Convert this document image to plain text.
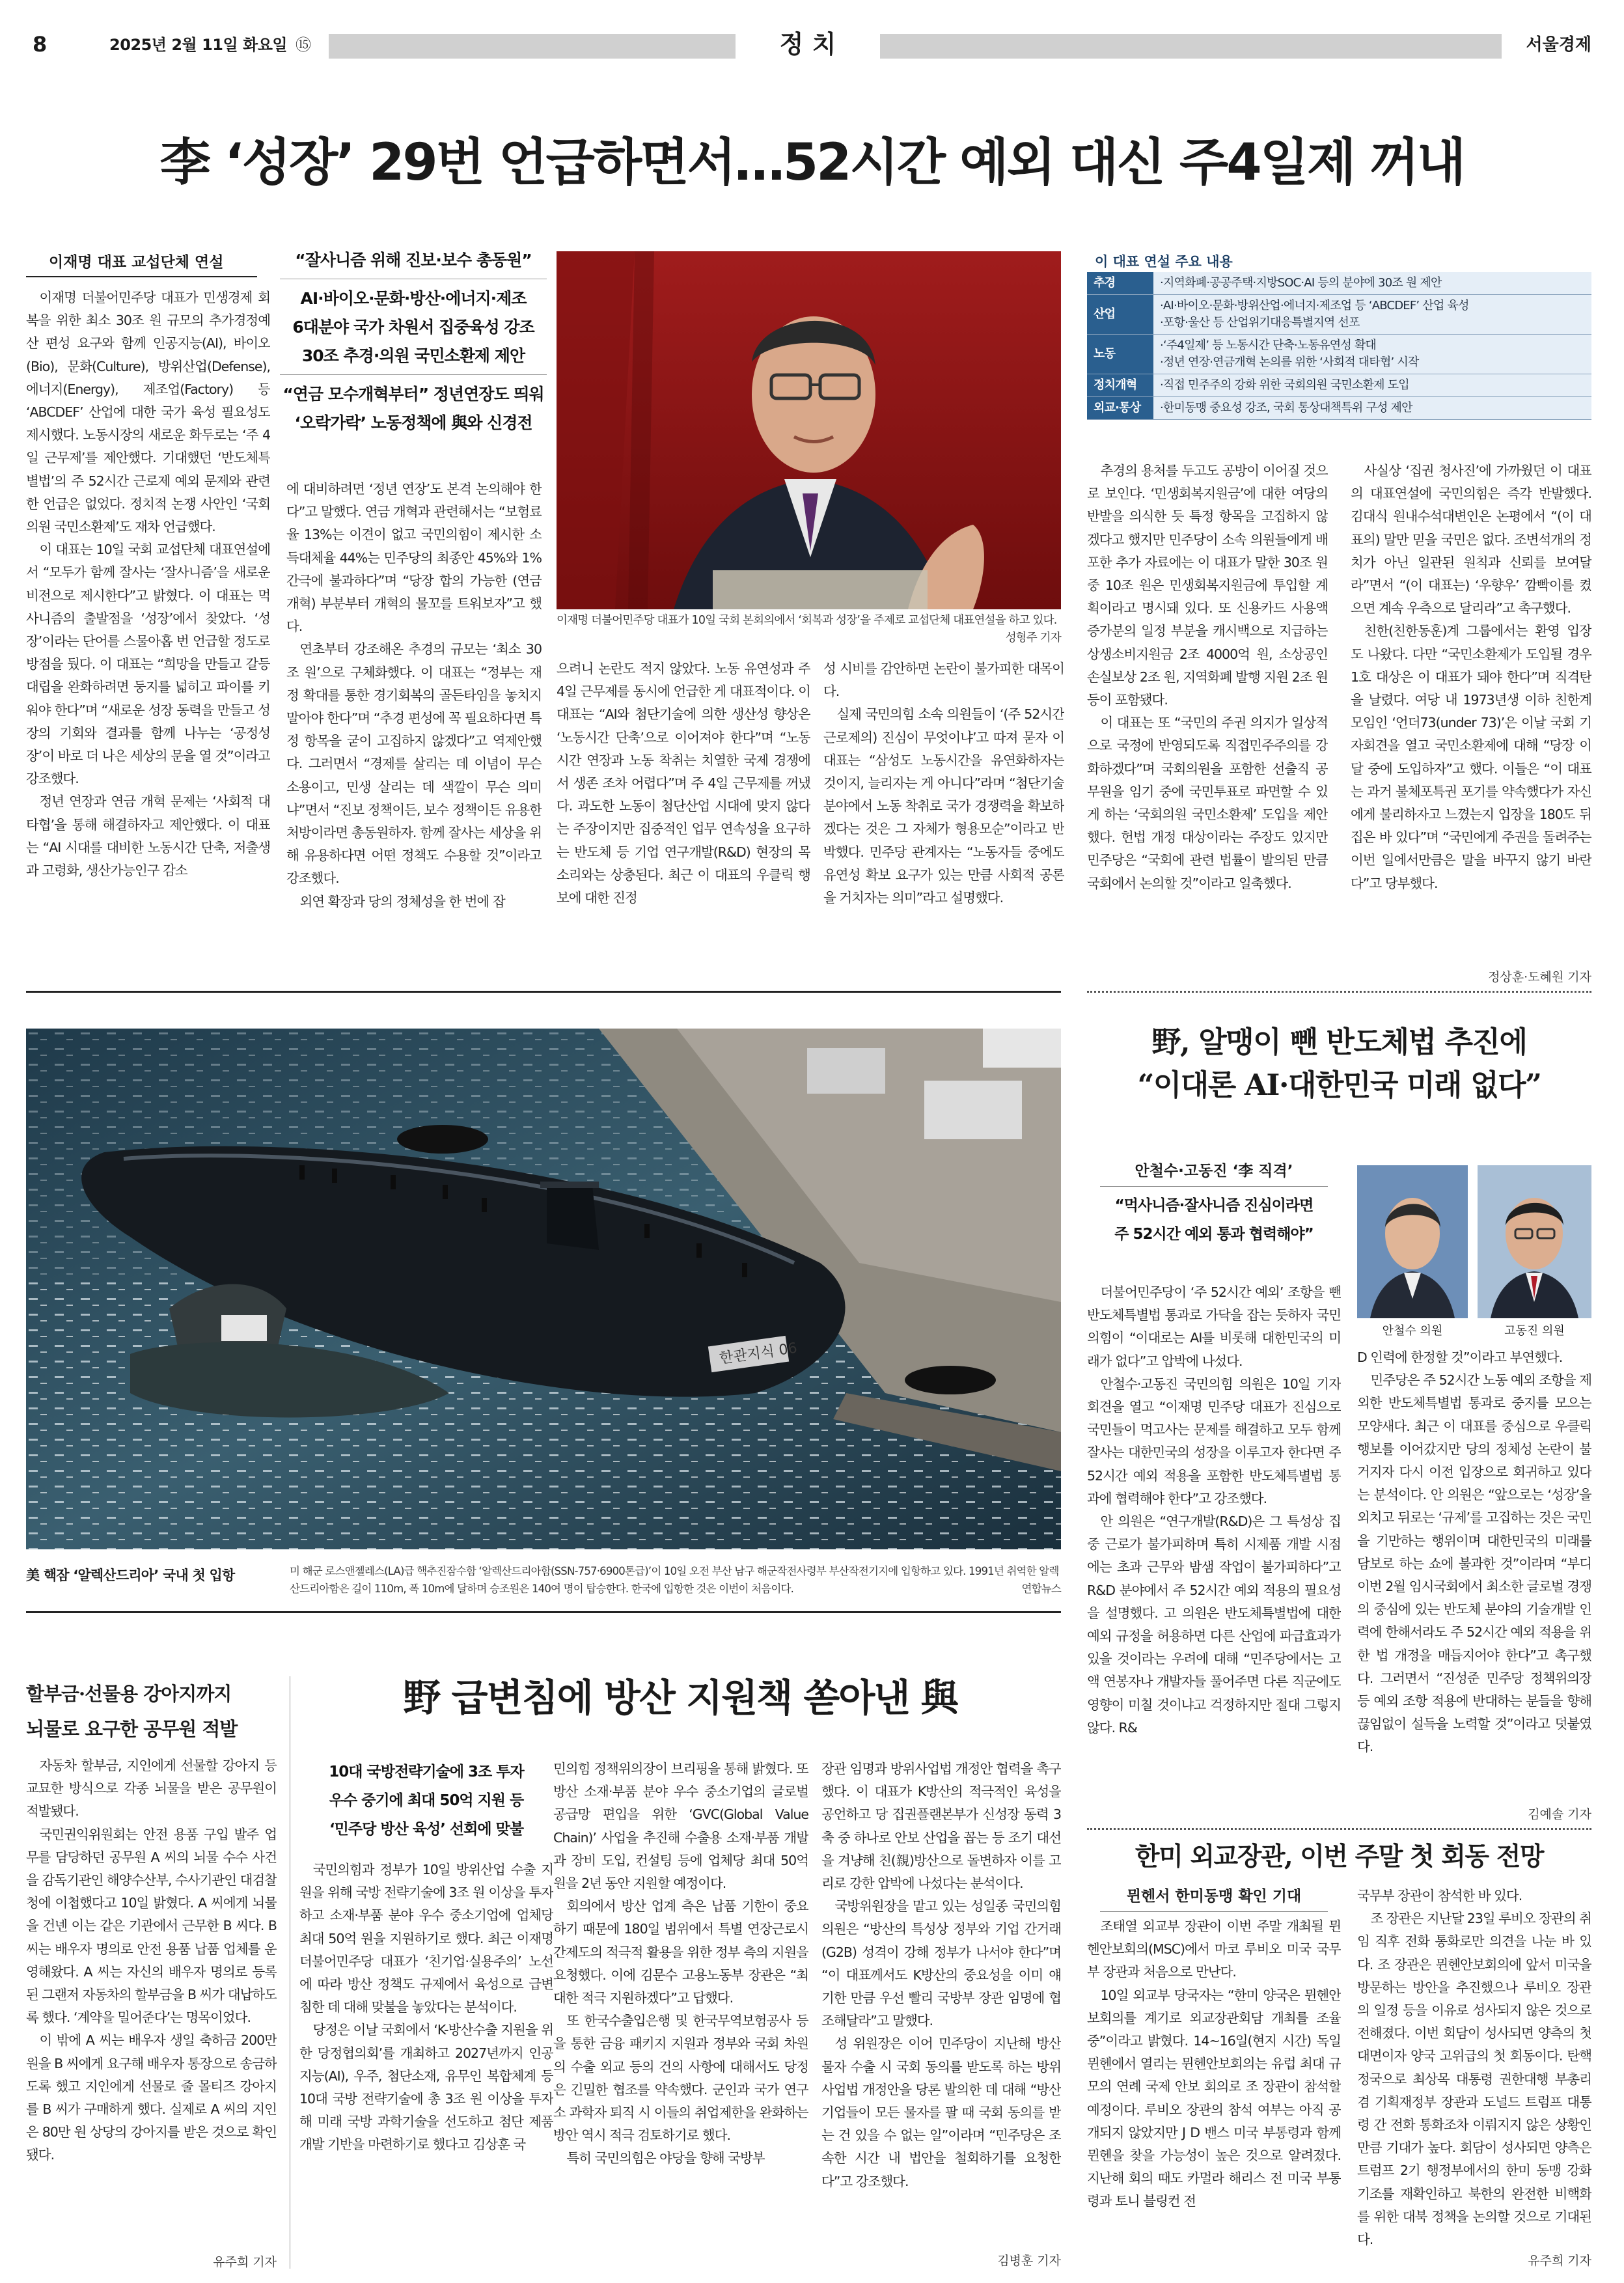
8	2025년 2월 11일 화요일 ⑮	정 치	서울경제
李 ‘성장’ 29번 언급하면서…52시간 예외 대신 주4일제 꺼내
이재명 대표 교섭단체 연설

이재명 더불어민주당 대표가 민생경제 회복을 위한 최소 30조 원 규모의 추가경정예산 편성 요구와 함께 인공지능(AI), 바이오(Bio), 문화(Culture), 방위산업(Defense), 에너지(Energy), 제조업(Factory) 등 ‘ABCDEF’ 산업에 대한 국가 육성 필요성도 제시했다. 노동시장의 새로운 화두로는 ‘주 4일 근무제’를 제안했다. 기대했던 ‘반도체특별법’의 주 52시간 근로제 예외 문제와 관련한 언급은 없었다. 정치적 논쟁 사안인 ‘국회의원 국민소환제’도 재차 언급했다.

이 대표는 10일 국회 교섭단체 대표연설에서 “모두가 함께 잘사는 ‘잘사니즘’을 새로운 비전으로 제시한다”고 밝혔다. 이 대표는 먹사니즘의 출발점을 ‘성장’에서 찾았다. ‘성장’이라는 단어를 스물아홉 번 언급할 정도로 방점을 뒀다. 이 대표는 “희망을 만들고 갈등 대립을 완화하려면 둥지를 넓히고 파이를 키워야 한다”며 “새로운 성장 동력을 만들고 성장의 기회와 결과를 함께 나누는 ‘공정성장’이 바로 더 나은 세상의 문을 열 것”이라고 강조했다.

정년 연장과 연금 개혁 문제는 ‘사회적 대타협’을 통해 해결하자고 제안했다. 이 대표는 “AI 시대를 대비한 노동시간 단축, 저출생과 고령화, 생산가능인구 감소

“잘사니즘 위해 진보·보수 총동원”
AI·바이오·문화·방산·에너지·제조
6대분야 국가 차원서 집중육성 강조
30조 추경·의원 국민소환제 제안
“연금 모수개혁부터” 정년연장도 띄워
‘오락가락’ 노동정책에 與와 신경전

에 대비하려면 ‘정년 연장’도 본격 논의해야 한다”고 말했다. 연금 개혁과 관련해서는 “보험료율 13%는 이견이 없고 국민의힘이 제시한 소득대체율 44%는 민주당의 최종안 45%와 1% 간극에 불과하다”며 “당장 합의 가능한 (연금 개혁) 부분부터 개혁의 물꼬를 트워보자”고 했다.

연초부터 강조해온 추경의 규모는 ‘최소 30조 원’으로 구체화했다. 이 대표는 “정부는 재정 확대를 통한 경기회복의 골든타임을 놓치지 말아야 한다”며 “추경 편성에 꼭 필요하다면 특정 항목을 굳이 고집하지 않겠다”고 역제안했다. 그러면서 “경제를 살리는 데 이념이 무슨 소용이고, 민생 살리는 데 색깔이 무슨 의미냐”면서 “진보 정책이든, 보수 정책이든 유용한 처방이라면 총동원하자. 함께 잘사는 세상을 위해 유용하다면 어떤 정책도 수용할 것”이라고 강조했다.

외연 확장과 당의 정체성을 한 번에 잡

이재명 더불어민주당 대표가 10일 국회 본회의에서 ‘회복과 성장’을 주제로 교섭단체 대표연설을 하고 있다.
성형주 기자

으려니 논란도 적지 않았다. 노동 유연성과 주 4일 근무제를 동시에 언급한 게 대표적이다. 이 대표는 “AI와 첨단기술에 의한 생산성 향상은 ‘노동시간 단축’으로 이어져야 한다”며 “노동시간 연장과 노동 착취는 치열한 국제 경쟁에서 생존 조차 어렵다”며 주 4일 근무제를 꺼냈다. 과도한 노동이 첨단산업 시대에 맞지 않다는 주장이지만 집중적인 업무 연속성을 요구하는 반도체 등 기업 연구개발(R&D) 현장의 목소리와는 상충된다. 최근 이 대표의 우클릭 행보에 대한 진정

성 시비를 감안하면 논란이 불가피한 대목이다.

실제 국민의힘 소속 의원들이 ‘(주 52시간 근로제의) 진심이 무엇이냐’고 따져 묻자 이 대표는 “삼성도 노동시간을 유연화하자는 것이지, 늘리자는 게 아니다”라며 “첨단기술 분야에서 노동 착취로 국가 경쟁력을 확보하겠다는 것은 그 자체가 형용모순”이라고 반박했다. 민주당 관계자는 “노동자들 중에도 유연성 확보 요구가 있는 만큼 사회적 공론을 거치자는 의미”라고 설명했다.

이 대표 연설 주요 내용
추경	·지역화폐·공공주택·지방SOC·AI 등의 분야에 30조 원 제안
산업	·AI·바이오·문화·방위산업·에너지·제조업 등 ‘ABCDEF’ 산업 육성
·포항·울산 등 산업위기대응특별지역 선포

노동	·‘주4일제’ 등 노동시간 단축·노동유연성 확대
·정년 연장·연금개혁 논의를 위한 ‘사회적 대타협’ 시작

정치개혁	·직접 민주주의 강화 위한 국회의원 국민소환제 도입
외교·통상	·한미동맹 중요성 강조, 국회 통상대책특위 구성 제안

추경의 용처를 두고도 공방이 이어질 것으로 보인다. ‘민생회복지원금’에 대한 여당의 반발을 의식한 듯 특정 항목을 고집하지 않겠다고 했지만 민주당이 소속 의원들에게 배포한 추가 자료에는 이 대표가 말한 30조 원 중 10조 원은 민생회복지원금에 투입할 계획이라고 명시돼 있다. 또 신용카드 사용액 증가분의 일정 부분을 캐시백으로 지급하는 상생소비지원금 2조 4000억 원, 소상공인 손실보상 2조 원, 지역화폐 발행 지원 2조 원 등이 포함됐다.

이 대표는 또 “국민의 주권 의지가 일상적으로 국정에 반영되도록 직접민주주의를 강화하겠다”며 국회의원을 포함한 선출직 공무원을 임기 중에 국민투표로 파면할 수 있게 하는 ‘국회의원 국민소환제’ 도입을 제안했다. 헌법 개정 대상이라는 주장도 있지만 민주당은 “국회에 관련 법률이 발의된 만큼 국회에서 논의할 것”이라고 일축했다.

사실상 ‘집권 청사진’에 가까웠던 이 대표의 대표연설에 국민의힘은 즉각 반발했다. 김대식 원내수석대변인은 논평에서 “(이 대표의) 말만 믿을 국민은 없다. 조변석개의 정치가 아닌 일관된 원칙과 신뢰를 보여달라”면서 “(이 대표는) ‘우향우’ 깜빡이를 켰으면 계속 우측으로 달리라”고 촉구했다.

친한(친한동훈)계 그룹에서는 환영 입장도 나왔다. 다만 “국민소환제가 도입될 경우 1호 대상은 이 대표가 돼야 한다”며 직격탄을 날렸다. 여당 내 1973년생 이하 친한계 모임인 ‘언더73(under 73)’은 이날 국회 기자회견을 열고 국민소환제에 대해 “당장 이달 중에 도입하자”고 했다. 이들은 “이 대표는 과거 불체포특권 포기를 약속했다가 자신에게 불리하자고 느꼈는지 입장을 180도 뒤집은 바 있다”며 “국민에게 주권을 돌려주는 이번 일에서만큼은 말을 바꾸지 않기 바란다”고 당부했다.

정상훈·도혜원 기자
한관지식 06
美 핵잠 ‘알렉산드리아’ 국내 첫 입항	미 해군 로스앤젤레스(LA)급 핵추진잠수함 ‘알렉산드리아함(SSN-757·6900톤급)’이 10일 오전 부산 남구 해군작전사령부 부산작전기지에 입항하고 있다. 1991년 취역한 알렉산드리아함은 길이 110m, 폭 10m에 달하며 승조원은 140여 명이 탑승한다. 한국에 입항한 것은 이번이 처음이다.	연합뉴스
野, 알맹이 뺀 반도체법 추진에
“이대론 AI·대한민국 미래 없다”
안철수·고동진 ‘李 직격’
“먹사니즘·잘사니즘 진심이라면
주 52시간 예외 통과 협력해야”
안철수 의원	고동진 의원

더불어민주당이 ‘주 52시간 예외’ 조항을 뺀 반도체특별법 통과로 가닥을 잡는 듯하자 국민의힘이 “이대로는 AI를 비롯해 대한민국의 미래가 없다”고 압박에 나섰다.

안철수·고동진 국민의힘 의원은 10일 기자회견을 열고 “이재명 민주당 대표가 진심으로 국민들이 먹고사는 문제를 해결하고 모두 함께 잘사는 대한민국의 성장을 이루고자 한다면 주 52시간 예외 적용을 포함한 반도체특별법 통과에 협력해야 한다”고 강조했다.

안 의원은 “연구개발(R&D)은 그 특성상 집중 근로가 불가피하며 특히 시제품 개발 시점에는 초과 근무와 밤샘 작업이 불가피하다”고 R&D 분야에서 주 52시간 예외 적용의 필요성을 설명했다. 고 의원은 반도체특별법에 대한 예외 규정을 허용하면 다른 산업에 파급효과가 있을 것이라는 우려에 대해 “민주당에서는 고액 연봉자나 개발자들 풀어주면 다른 직군에도 영향이 미칠 것이냐고 걱정하지만 절대 그렇지 않다. R&

D 인력에 한정할 것”이라고 부연했다.

민주당은 주 52시간 노동 예외 조항을 제외한 반도체특별법 통과로 중지를 모으는 모양새다. 최근 이 대표를 중심으로 우클릭 행보를 이어갔지만 당의 정체성 논란이 불거지자 다시 이전 입장으로 회귀하고 있다는 분석이다. 안 의원은 “앞으로는 ‘성장’을 외치고 뒤로는 ‘규제’를 고집하는 것은 국민을 기만하는 행위이며 대한민국의 미래를 담보로 하는 쇼에 불과한 것”이라며 “부디 이번 2월 임시국회에서 최소한 글로벌 경쟁의 중심에 있는 반도체 분야의 기술개발 인력에 한해서라도 주 52시간 예외 적용을 위한 법 개정을 매듭지어야 한다”고 촉구했다. 그러면서 “진성준 민주당 정책위의장 등 예외 조항 적용에 반대하는 분들을 향해 끊임없이 설득을 노력할 것”이라고 덧붙였다.

김예솔 기자
한미 외교장관, 이번 주말 첫 회동 전망
뮌헨서 한미동맹 확인 기대

조태열 외교부 장관이 이번 주말 개최될 뮌헨안보회의(MSC)에서 마코 루비오 미국 국무부 장관과 처음으로 만난다.

10일 외교부 당국자는 “한미 양국은 뮌헨안보회의를 계기로 외교장관회담 개최를 조율 중”이라고 밝혔다. 14~16일(현지 시간) 독일 뮌헨에서 열리는 뮌헨안보회의는 유럽 최대 규모의 연례 국제 안보 회의로 조 장관이 참석할 예정이다. 루비오 장관의 참석 여부는 아직 공개되지 않았지만 J D 밴스 미국 부통령과 함께 뮌헨을 찾을 가능성이 높은 것으로 알려졌다. 지난해 회의 때도 카멀라 해리스 전 미국 부통령과 토니 블링컨 전

국무부 장관이 참석한 바 있다.

조 장관은 지난달 23일 루비오 장관의 취임 직후 전화 통화로만 의견을 나눈 바 있다. 조 장관은 뮌헨안보회의에 앞서 미국을 방문하는 방안을 추진했으나 루비오 장관의 일정 등을 이유로 성사되지 않은 것으로 전해졌다. 이번 회담이 성사되면 양측의 첫 대면이자 양국 고위급의 첫 회동이다. 탄핵 정국으로 최상목 대통령 권한대행 부총리 겸 기획재정부 장관과 도널드 트럼프 대통령 간 전화 통화조차 이뤄지지 않은 상황인 만큼 기대가 높다. 회담이 성사되면 양측은 트럼프 2기 행정부에서의 한미 동맹 강화 기조를 재확인하고 북한의 완전한 비핵화를 위한 대북 정책을 논의할 것으로 기대된다.

유주희 기자
할부금·선물용 강아지까지
뇌물로 요구한 공무원 적발

자동차 할부금, 지인에게 선물할 강아지 등 교묘한 방식으로 각종 뇌물을 받은 공무원이 적발됐다.

국민권익위원회는 안전 용품 구입 발주 업무를 담당하던 공무원 A 씨의 뇌물 수수 사건을 감독기관인 해양수산부, 수사기관인 대검찰청에 이첩했다고 10일 밝혔다. A 씨에게 뇌물을 건넨 이는 같은 기관에서 근무한 B 씨다. B 씨는 배우자 명의로 안전 용품 납품 업체를 운영해왔다. A 씨는 자신의 배우자 명의로 등록된 그랜저 자동차의 할부금을 B 씨가 대납하도록 했다. ‘계약을 밀어준다’는 명목이었다.

이 밖에 A 씨는 배우자 생일 축하금 200만 원을 B 씨에게 요구해 배우자 통장으로 송금하도록 했고 지인에게 선물로 줄 몰티즈 강아지를 B 씨가 구매하게 했다. 실제로 A 씨의 지인은 80만 원 상당의 강아지를 받은 것으로 확인됐다.

유주희 기자
野 급변침에 방산 지원책 쏟아낸 與
10대 국방전략기술에 3조 투자
우수 중기에 최대 50억 지원 등
‘민주당 방산 육성’ 선회에 맞불

국민의힘과 정부가 10일 방위산업 수출 지원을 위해 국방 전략기술에 3조 원 이상을 투자하고 소재·부품 분야 우수 중소기업에 업체당 최대 50억 원을 지원하기로 했다. 최근 이재명 더불어민주당 대표가 ‘친기업·실용주의’ 노선에 따라 방산 정책도 규제에서 육성으로 급변침한 데 대해 맞불을 놓았다는 분석이다.

당정은 이날 국회에서 ‘K-방산수출 지원을 위한 당정협의회’를 개최하고 2027년까지 인공지능(AI), 우주, 첨단소재, 유무인 복합체계 등 10대 국방 전략기술에 총 3조 원 이상을 투자해 미래 국방 과학기술을 선도하고 첨단 제품 개발 기반을 마련하기로 했다고 김상훈 국

민의힘 정책위의장이 브리핑을 통해 밝혔다. 또 방산 소재·부품 분야 우수 중소기업의 글로벌 공급망 편입을 위한 ‘GVC(Global Value Chain)’ 사업을 추진해 수출용 소재·부품 개발과 장비 도입, 컨설팅 등에 업체당 최대 50억 원을 2년 동안 지원할 예정이다.

회의에서 방산 업계 측은 납품 기한이 중요하기 때문에 180일 범위에서 특별 연장근로시간제도의 적극적 활용을 위한 정부 측의 지원을 요청했다. 이에 김문수 고용노동부 장관은 “최대한 적극 지원하겠다”고 답했다.

또 한국수출입은행 및 한국무역보험공사 등을 통한 금융 패키지 지원과 정부와 국회 차원의 수출 외교 등의 건의 사항에 대해서도 당정은 긴밀한 협조를 약속했다. 군인과 국가 연구소 과학자 퇴직 시 이들의 취업제한을 완화하는 방안 역시 적극 검토하기로 했다.

특히 국민의힘은 야당을 향해 국방부

장관 임명과 방위사업법 개정안 협력을 촉구했다. 이 대표가 K방산의 적극적인 육성을 공언하고 당 집권플랜본부가 신성장 동력 3축 중 하나로 안보 산업을 꼽는 등 조기 대선을 겨냥해 친(親)방산으로 돌변하자 이를 고리로 강한 압박에 나섰다는 분석이다.

국방위원장을 맡고 있는 성일종 국민의힘 의원은 “방산의 특성상 정부와 기업 간거래(G2B) 성격이 강해 정부가 나서야 한다”며 “이 대표께서도 K방산의 중요성을 이미 얘기한 만큼 우선 빨리 국방부 장관 임명에 협조해달라”고 말했다.

성 위원장은 이어 민주당이 지난해 방산 물자 수출 시 국회 동의를 받도록 하는 방위사업법 개정안을 당론 발의한 데 대해 “방산 기업들이 모든 물자를 팔 때 국회 동의를 받는 건 있을 수 없는 일”이라며 “민주당은 조속한 시간 내 법안을 철회하기를 요청한다”고 강조했다.

김병훈 기자
